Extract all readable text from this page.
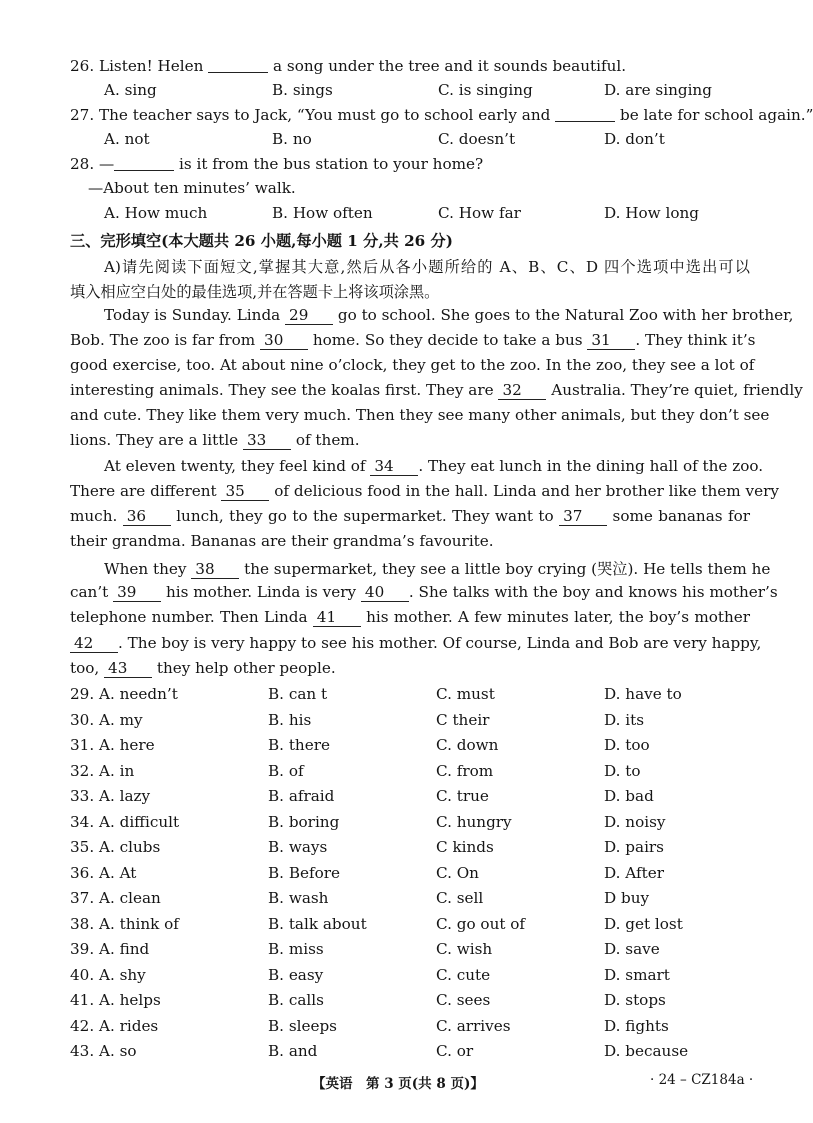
26. Listen! Helen	a song under the tree and it sounds beautiful.
A. sing	B. sings	C. is singing	D. are singing
27. The teacher says to Jack, “You must go to school early and	be late for school again.”
A. not	B. no	C. doesn’t	D. don’t
28. —	is it from the bus station to your home?
—About ten minutes’ walk.
A. How much	B. How often	C. How far	D. How long
三、完形填空(本大题共 26 小题,每小题 1 分,共 26 分)
A)请先阅读下面短文,掌握其大意,然后从各小题所给的 A、B、C、D 四个选项中选出可以
填入相应空白处的最佳选项,并在答题卡上将该项涂黑。
Today is Sunday. Linda 29 go to school. She goes to the Natural Zoo with her brother,
Bob. The zoo is far from 30 home. So they decide to take a bus 31 . They think it’s
good exercise, too. At about nine o’clock, they get to the zoo. In the zoo, they see a lot of
interesting animals. They see the koalas first. They are 32 Australia. They’re quiet, friendly
and cute. They like them very much. Then they see many other animals, but they don’t see
lions. They are a little 33 of them.
At eleven twenty, they feel kind of 34 . They eat lunch in the dining hall of the zoo.
There are different 35 of delicious food in the hall. Linda and her brother like them very
much. 36 lunch, they go to the supermarket. They want to 37 some bananas for
their grandma. Bananas are their grandma’s favourite.
When they 38 the supermarket, they see a little boy crying (哭泣). He tells them he
can’t 39 his mother. Linda is very 40 . She talks with the boy and knows his mother’s
telephone number. Then Linda 41 his mother. A few minutes later, the boy’s mother
42 . The boy is very happy to see his mother. Of course, Linda and Bob are very happy,
too, 43 they help other people.
29. A. needn’t	B. can t	C. must	D. have to
30. A. my	B. his	C their	D. its
31. A. here	B. there	C. down	D. too
32. A. in	B. of	C. from	D. to
33. A. lazy	B. afraid	C. true	D. bad
34. A. difficult	B. boring	C. hungry	D. noisy
35. A. clubs	B. ways	C kinds	D. pairs
36. A. At	B. Before	C. On	D. After
37. A. clean	B. wash	C. sell	D buy
38. A. think of	B. talk about	C. go out of	D. get lost
39. A. find	B. miss	C. wish	D. save
40. A. shy	B. easy	C. cute	D. smart
41. A. helps	B. calls	C. sees	D. stops
42. A. rides	B. sleeps	C. arrives	D. fights
43. A. so	B. and	C. or	D. because
【英语　第 3 页(共 8 页)】	· 24 – CZ184a ·
